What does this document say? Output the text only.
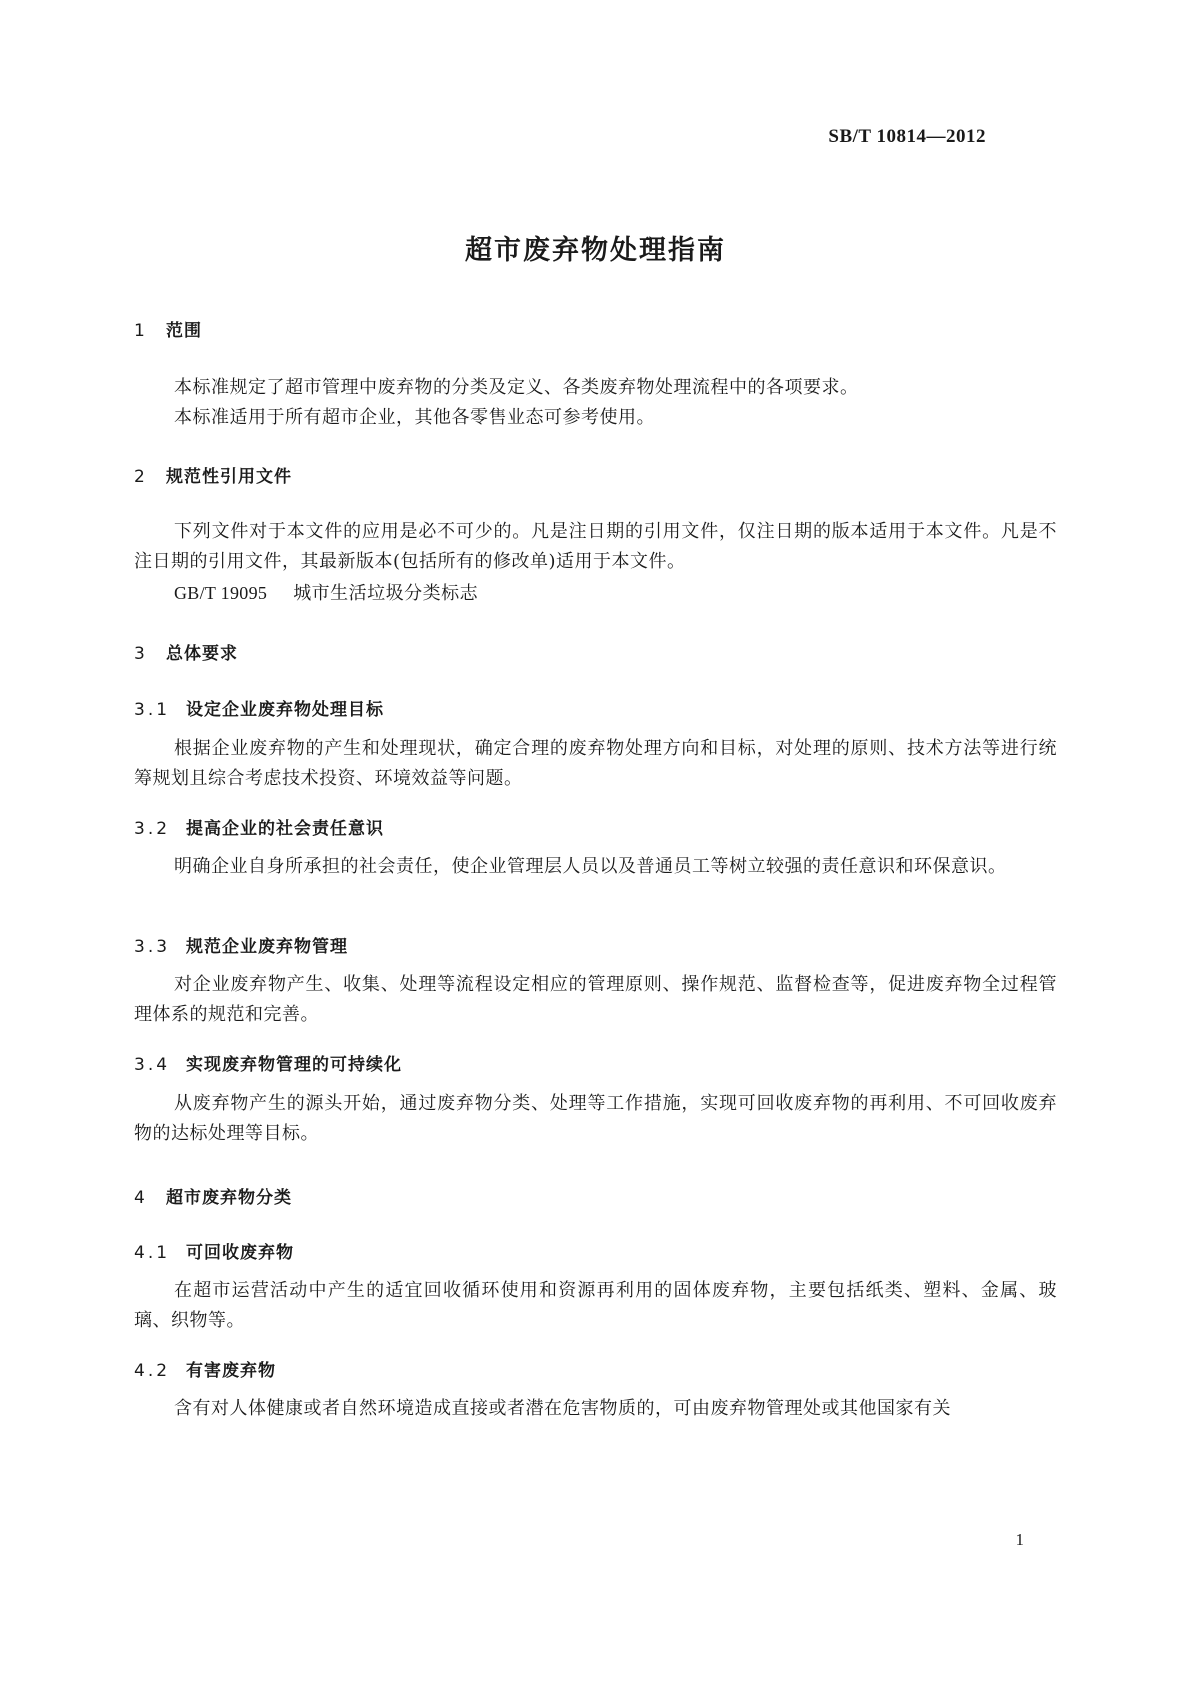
SB/T 10814—2012
超市废弃物处理指南
1 范围
本标准规定了超市管理中废弃物的分类及定义、各类废弃物处理流程中的各项要求。
本标准适用于所有超市企业，其他各零售业态可参考使用。
2 规范性引用文件
下列文件对于本文件的应用是必不可少的。凡是注日期的引用文件，仅注日期的版本适用于本文件。凡是不注日期的引用文件，其最新版本(包括所有的修改单)适用于本文件。
GB/T 19095 城市生活垃圾分类标志
3 总体要求
3.1 设定企业废弃物处理目标
根据企业废弃物的产生和处理现状，确定合理的废弃物处理方向和目标，对处理的原则、技术方法等进行统筹规划且综合考虑技术投资、环境效益等问题。
3.2 提高企业的社会责任意识
明确企业自身所承担的社会责任，使企业管理层人员以及普通员工等树立较强的责任意识和环保意识。
3.3 规范企业废弃物管理
对企业废弃物产生、收集、处理等流程设定相应的管理原则、操作规范、监督检查等，促进废弃物全过程管理体系的规范和完善。
3.4 实现废弃物管理的可持续化
从废弃物产生的源头开始，通过废弃物分类、处理等工作措施，实现可回收废弃物的再利用、不可回收废弃物的达标处理等目标。
4 超市废弃物分类
4.1 可回收废弃物
在超市运营活动中产生的适宜回收循环使用和资源再利用的固体废弃物，主要包括纸类、塑料、金属、玻璃、织物等。
4.2 有害废弃物
含有对人体健康或者自然环境造成直接或者潜在危害物质的，可由废弃物管理处或其他国家有关
1
